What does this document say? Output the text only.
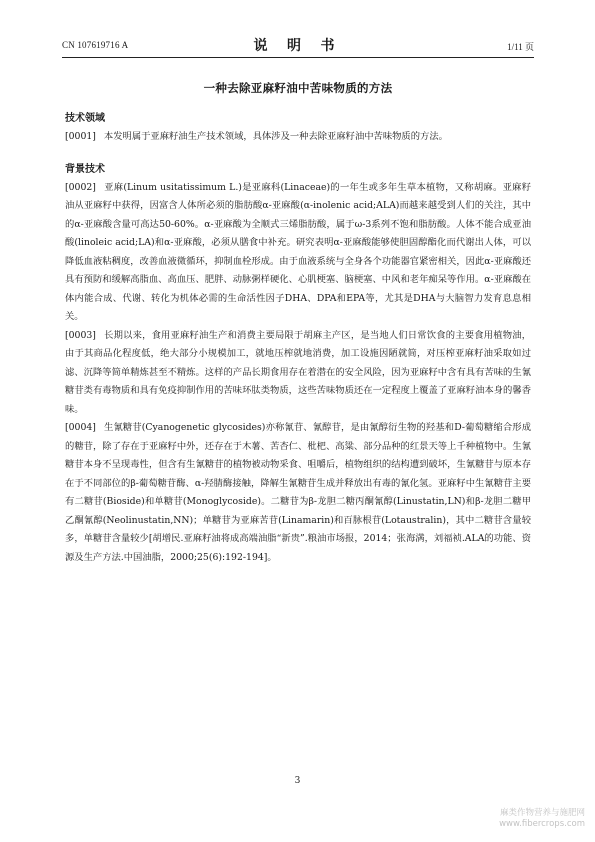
CN 107619716 A	说 明 书	1/11 页
一种去除亚麻籽油中苦味物质的方法

技术领域

[0001] 本发明属于亚麻籽油生产技术领域，具体涉及一种去除亚麻籽油中苦味物质的方法。

背景技术

[0002] 亚麻(Linum usitatissimum L.)是亚麻科(Linaceae)的一年生或多年生草本植物，又称胡麻。亚麻籽油从亚麻籽中获得，因富含人体所必须的脂肪酸α-亚麻酸(α-inolenic acid;ALA)而越来越受到人们的关注，其中的α-亚麻酸含量可高达50-60%。α-亚麻酸为全顺式三烯脂肪酸，属于ω-3系列不饱和脂肪酸。人体不能合成亚油酸(linoleic acid;LA)和α-亚麻酸，必须从膳食中补充。研究表明α-亚麻酸能够使胆固醇酯化而代谢出人体，可以降低血液粘稠度，改善血液微循环，抑制血栓形成。由于血液系统与全身各个功能器官紧密相关，因此α-亚麻酸还具有预防和缓解高脂血、高血压、肥胖、动脉粥样硬化、心肌梗塞、脑梗塞、中风和老年痴呆等作用。α-亚麻酸在体内能合成、代谢、转化为机体必需的生命活性因子DHA、DPA和EPA等，尤其是DHA与大脑智力发育息息相关。

[0003] 长期以来，食用亚麻籽油生产和消费主要局限于胡麻主产区，是当地人们日常饮食的主要食用植物油，由于其商品化程度低，绝大部分小规模加工，就地压榨就地消费，加工设施因陋就简，对压榨亚麻籽油采取如过滤、沉降等简单精炼甚至不精炼。这样的产品长期食用存在着潜在的安全风险，因为亚麻籽中含有具有苦味的生氰糖苷类有毒物质和具有免疫抑制作用的苦味环肽类物质，这些苦味物质还在一定程度上覆盖了亚麻籽油本身的馨香味。

[0004] 生氰糖苷(Cyanogenetic glycosides)亦称氰苷、氰醇苷，是由氰醇衍生物的羟基和D-葡萄糖缩合形成的糖苷，除了存在于亚麻籽中外，还存在于木薯、苦杏仁、枇杷、高粱、部分品种的红景天等上千种植物中。生氰糖苷本身不呈现毒性，但含有生氰糖苷的植物被动物采食、咀嚼后，植物组织的结构遭到破坏，生氰糖苷与原本存在于不同部位的β-葡萄糖苷酶、α-羟腈酶接触，降解生氰糖苷生成并释放出有毒的氰化氢。亚麻籽中生氰糖苷主要有二糖苷(Bioside)和单糖苷(Monoglycoside)。二糖苷为β-龙胆二糖丙酮氰醇(Linustatin,LN)和β-龙胆二糖甲乙酮氰醇(Neolinustatin,NN)；单糖苷为亚麻苦苷(Linamarin)和百脉根苷(Lotaustralin)，其中二糖苷含量较多，单糖苷含量较少[胡增民.亚麻籽油将成高端油脂“新贵”.粮油市场报，2014；张海满，刘福祯.ALA的功能、资源及生产方法.中国油脂，2000;25(6):192-194]。

3
麻类作物营养与施肥网
www.fibercrops.com
